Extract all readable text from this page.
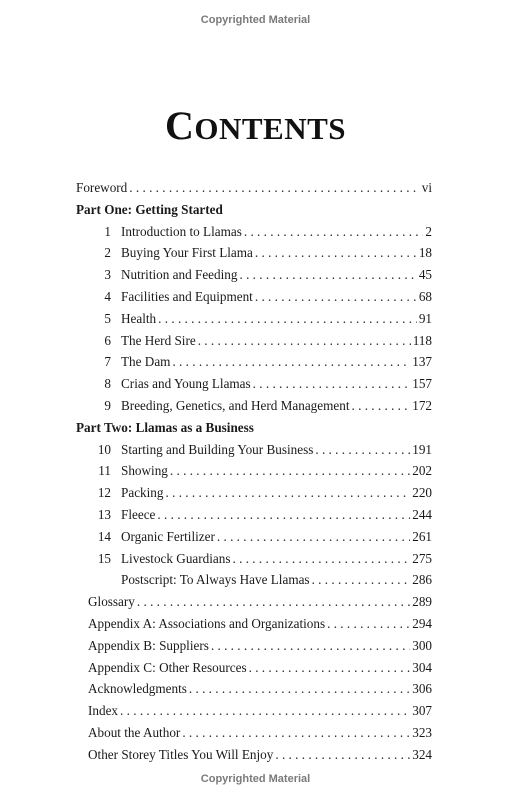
Copyrighted Material
CONTENTS
Foreword . . .	vi
Part One: Getting Started
1 Introduction to Llamas . . .	2
2 Buying Your First Llama . . .	18
3 Nutrition and Feeding . . .	45
4 Facilities and Equipment . . .	68
5 Health . . .	91
6 The Herd Sire . . .	118
7 The Dam . . .	137
8 Crias and Young Llamas . . .	157
9 Breeding, Genetics, and Herd Management . . .	172
Part Two: Llamas as a Business
10 Starting and Building Your Business . . .	191
11 Showing . . .	202
12 Packing . . .	220
13 Fleece . . .	244
14 Organic Fertilizer . . .	261
15 Livestock Guardians . . .	275
Postscript: To Always Have Llamas . . .	286
Glossary . . .	289
Appendix A: Associations and Organizations . . .	294
Appendix B: Suppliers . . .	300
Appendix C: Other Resources . . .	304
Acknowledgments . . .	306
Index . . .	307
About the Author . . .	323
Other Storey Titles You Will Enjoy . . .	324
Copyrighted Material
